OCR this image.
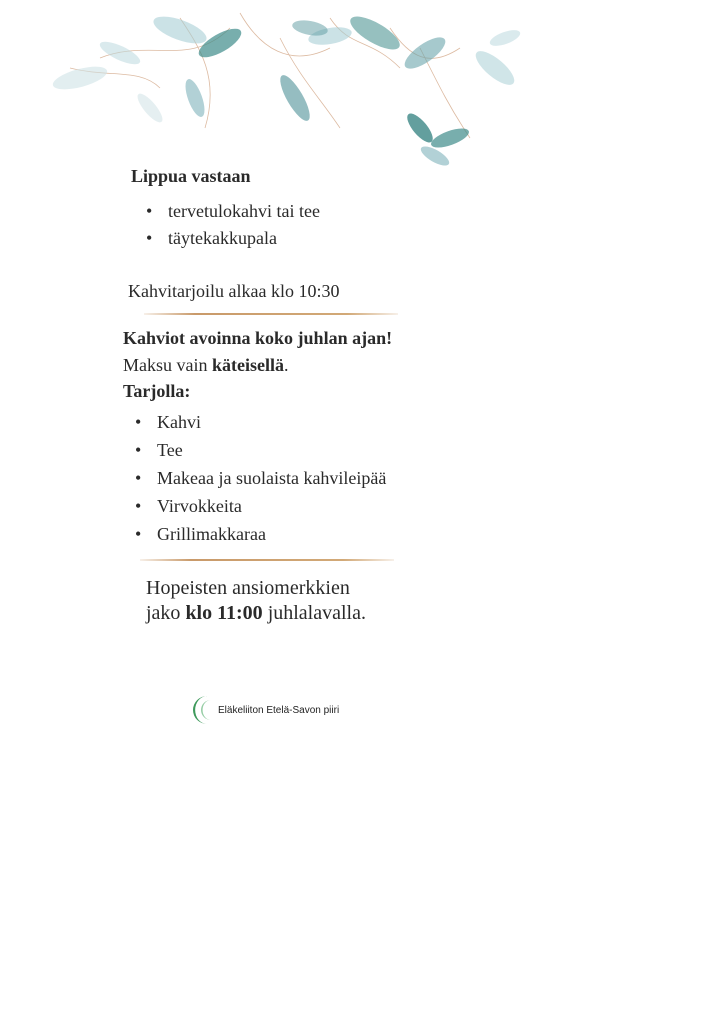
Lippua vastaan
• tervetulokahvi tai tee
• täytekakkupala
Kahvitarjoilu alkaa klo 10:30
Kahviot avoinna koko juhlan ajan!
Maksu vain käteisellä.
Tarjolla:
• Kahvi
• Tee
• Makeaa ja suolaista kahvileipää
• Virvokkeita
• Grillimakkaraa
Hopeisten ansiomerkkien
jako klo 11:00 juhlalavalla.
Eläkeliiton Etelä-Savon piiri
